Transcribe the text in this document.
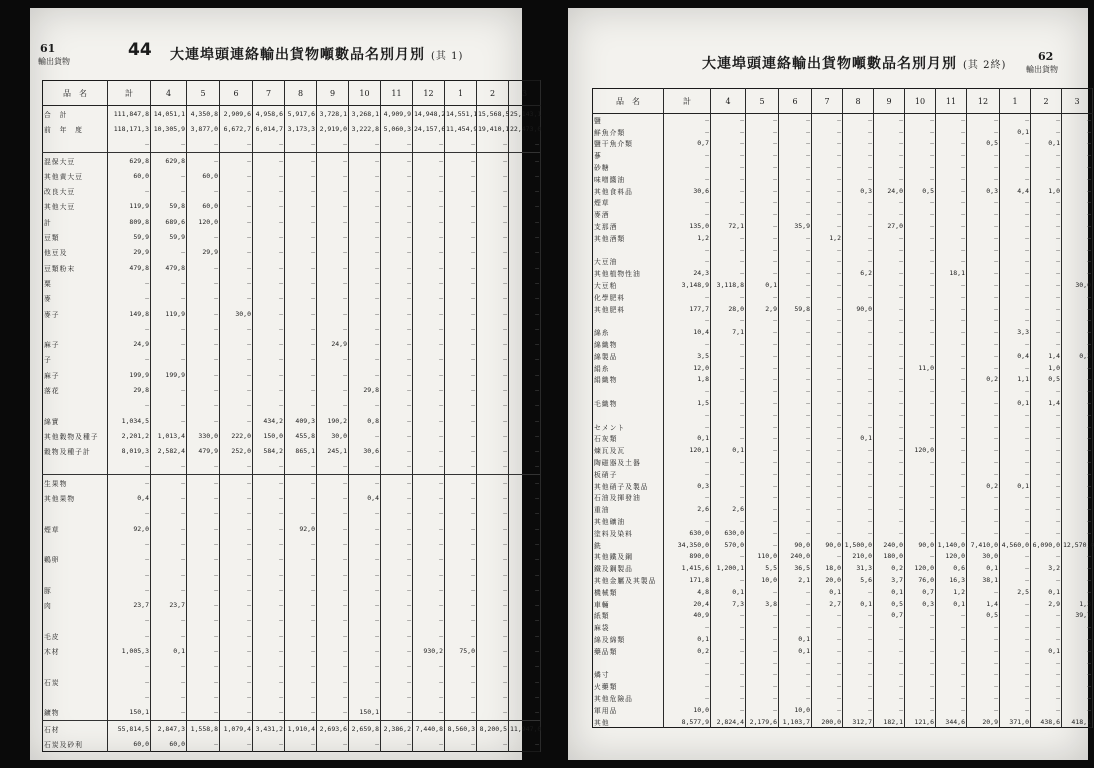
61
輸出貨物
44 大連埠頭連絡輸出貨物噸數品名別月別 (其 1)
品　名	計	4	5	6	7	8	9	10	11	12	1	2	3
合　計	111,847,8	14,051,1	4,350,8	2,909,6	4,958,6	5,917,6	3,728,1	3,268,1	4,909,9	14,948,2	14,551,1	15,568,5	25,143,1
前　年　度	118,171,3	10,305,9	3,877,0	6,672,7	6,014,7	3,173,3	2,919,0	3,222,8	5,060,3	24,157,6	11,454,9	19,410,1	22,473,0
	—	—	—	—	—	—	—	—	—	—	—	—	—
混保大豆	629,8	629,8	—	—	—	—	—	—	—	—	—	—	—
其他黄大豆	60,0	—	60,0	—	—	—	—	—	—	—	—	—	—
改良大豆	—	—	—	—	—	—	—	—	—	—	—	—	—
其他大豆	119,9	59,8	60,0	—	—	—	—	—	—	—	—	—	—
計	809,8	689,6	120,0	—	—	—	—	—	—	—	—	—	—
豆類	59,9	59,9	—	—	—	—	—	—	—	—	—	—	—
他豆及	29,9	—	29,9	—	—	—	—	—	—	—	—	—	—
豆類粉末	479,8	479,8	—	—	—	—	—	—	—	—	—	—	—
粟	—	—	—	—	—	—	—	—	—	—	—	—	—
麥	—	—	—	—	—	—	—	—	—	—	—	—	—
麥子	149,8	119,9	—	30,0	—	—	—	—	—	—	—	—	—
	—	—	—	—	—	—	—	—	—	—	—	—	—
麻子	24,9	—	—	—	—	—	24,9	—	—	—	—	—	—
子	—	—	—	—	—	—	—	—	—	—	—	—	—
麻子	199,9	199,9	—	—	—	—	—	—	—	—	—	—	—
落花	29,8	—	—	—	—	—	—	29,8	—	—	—	—	—
	—	—	—	—	—	—	—	—	—	—	—	—	—
綿實	1,034,5	—	—	—	434,2	409,3	190,2	0,8	—	—	—	—	—
其他穀物及種子	2,201,2	1,013,4	330,0	222,0	150,0	455,8	30,0	—	—	—	—	—	—
穀物及種子計	8,019,3	2,582,4	479,9	252,0	584,2	865,1	245,1	30,6	—	—	—	—	—
	—	—	—	—	—	—	—	—	—	—	—	—	—
生果物	—	—	—	—	—	—	—	—	—	—	—	—	—
其他果物	0,4	—	—	—	—	—	—	0,4	—	—	—	—	—
	—	—	—	—	—	—	—	—	—	—	—	—	—
煙草	92,0	—	—	—	—	92,0	—	—	—	—	—	—	—
	—	—	—	—	—	—	—	—	—	—	—	—	—
鷄卵	—	—	—	—	—	—	—	—	—	—	—	—	—
	—	—	—	—	—	—	—	—	—	—	—	—	—
豚	—	—	—	—	—	—	—	—	—	—	—	—	—
肉	23,7	23,7	—	—	—	—	—	—	—	—	—	—	—
	—	—	—	—	—	—	—	—	—	—	—	—	—
毛皮	—	—	—	—	—	—	—	—	—	—	—	—	—
木材	1,005,3	0,1	—	—	—	—	—	—	—	930,2	75,0	—	—
	—	—	—	—	—	—	—	—	—	—	—	—	—
石炭	—	—	—	—	—	—	—	—	—	—	—	—	—
	—	—	—	—	—	—	—	—	—	—	—	—	—
鑛物	150,1	—	—	—	—	—	—	150,1	—	—	—	—	—
石材	55,814,5	2,847,3	1,558,8	1,079,4	3,431,2	1,910,4	2,693,6	2,659,8	2,386,2	7,440,8	8,560,3	8,200,5	11,947,0
石炭及砂利	60,0	60,0	—	—	—	—	—	—	—	—	—	—	—
大連埠頭連絡輸出貨物噸數品名別月別 (其 2終)
62
輸出貨物
品　名	計	4	5	6	7	8	9	10	11	12	1	2	3
鹽	—	—	—	—	—	—	—	—	—	—	—	—	—
鮮魚介類	—	—	—	—	—	—	—	—	—	—	0,1	—	—
鹽干魚介類	0,7	—	—	—	—	—	—	—	—	0,5	—	0,1	—
蔘	—	—	—	—	—	—	—	—	—	—	—	—	—
砂糖	—	—	—	—	—	—	—	—	—	—	—	—	—
味噌醬油	—	—	—	—	—	—	—	—	—	—	—	—	—
其他食料品	30,6	—	—	—	—	0,3	24,0	0,5	—	0,3	4,4	1,0	—
煙草	—	—	—	—	—	—	—	—	—	—	—	—	—
麥酒	—	—	—	—	—	—	—	—	—	—	—	—	—
支那酒	135,0	72,1	—	35,9	—	—	27,0	—	—	—	—	—	—
其他酒類	1,2	—	—	—	1,2	—	—	—	—	—	—	—	—
	—	—	—	—	—	—	—	—	—	—	—	—	—
大豆油	—	—	—	—	—	—	—	—	—	—	—	—	—
其他植物性油	24,3	—	—	—	—	6,2	—	—	18,1	—	—	—	—
大豆粕	3,148,9	3,118,8	0,1	—	—	—	—	—	—	—	—	—	30,0
化學肥料	—	—	—	—	—	—	—	—	—	—	—	—	—
其他肥料	177,7	28,0	2,9	59,8	—	90,0	—	—	—	—	—	—	—
	—	—	—	—	—	—	—	—	—	—	—	—	—
綿糸	10,4	7,1	—	—	—	—	—	—	—	—	3,3	—	—
綿織物	—	—	—	—	—	—	—	—	—	—	—	—	—
綿製品	3,5	—	—	—	—	—	—	—	—	—	0,4	1,4	0,3
絹糸	12,0	—	—	—	—	—	—	11,0	—	—	—	1,0	—
絹織物	1,8	—	—	—	—	—	—	—	—	0,2	1,1	0,5	—
	—	—	—	—	—	—	—	—	—	—	—	—	—
毛織物	1,5	—	—	—	—	—	—	—	—	—	0,1	1,4	—
	—	—	—	—	—	—	—	—	—	—	—	—	—
セメント	—	—	—	—	—	—	—	—	—	—	—	—	—
石灰類	0,1	—	—	—	—	0,1	—	—	—	—	—	—	—
煉瓦及瓦	120,1	0,1	—	—	—	—	—	120,0	—	—	—	—	—
陶磁器及土器	—	—	—	—	—	—	—	—	—	—	—	—	—
板硝子	—	—	—	—	—	—	—	—	—	—	—	—	—
其他硝子及製品	0,3	—	—	—	—	—	—	—	—	0,2	0,1	—	—
石油及揮發油	—	—	—	—	—	—	—	—	—	—	—	—	—
重油	2,6	2,6	—	—	—	—	—	—	—	—	—	—	—
其他礦油	—	—	—	—	—	—	—	—	—	—	—	—	—
塗料及染料	630,0	630,0	—	—	—	—	—	—	—	—	—	—	—
銑	34,350,0	570,0	—	90,0	90,0	1,500,0	240,0	90,0	1,140,0	7,410,0	4,560,0	6,090,0	12,570,0
其他鐵及鋼	890,0	—	110,0	240,0	—	210,0	180,0	—	120,0	30,0	—	—	—
鐵及鋼製品	1,415,6	1,200,1	5,5	36,5	18,0	31,3	0,2	120,0	0,6	0,1	—	3,2	—
其他金屬及其製品	171,8	—	10,0	2,1	20,0	5,6	3,7	76,0	16,3	38,1	—	—	—
機械類	4,8	0,1	—	—	0,1	—	0,1	0,7	1,2	—	2,5	0,1	—
車輛	20,4	7,3	3,8	—	2,7	0,1	0,5	0,3	0,1	1,4	—	2,9	1,3
紙類	40,9	—	—	—	—	—	0,7	—	—	0,5	—	—	39,7
麻袋	—	—	—	—	—	—	—	—	—	—	—	—	—
綿及綿類	0,1	—	—	0,1	—	—	—	—	—	—	—	—	—
藥品類	0,2	—	—	0,1	—	—	—	—	—	—	—	0,1	—
	—	—	—	—	—	—	—	—	—	—	—	—	—
燐寸	—	—	—	—	—	—	—	—	—	—	—	—	—
火藥類	—	—	—	—	—	—	—	—	—	—	—	—	—
其他危險品	—	—	—	—	—	—	—	—	—	—	—	—	—
軍用品	10,0	—	—	10,0	—	—	—	—	—	—	—	—	—
其他	8,577,9	2,824,4	2,179,6	1,103,7	200,0	312,7	182,1	121,6	344,6	20,9	371,0	438,6	418,1
